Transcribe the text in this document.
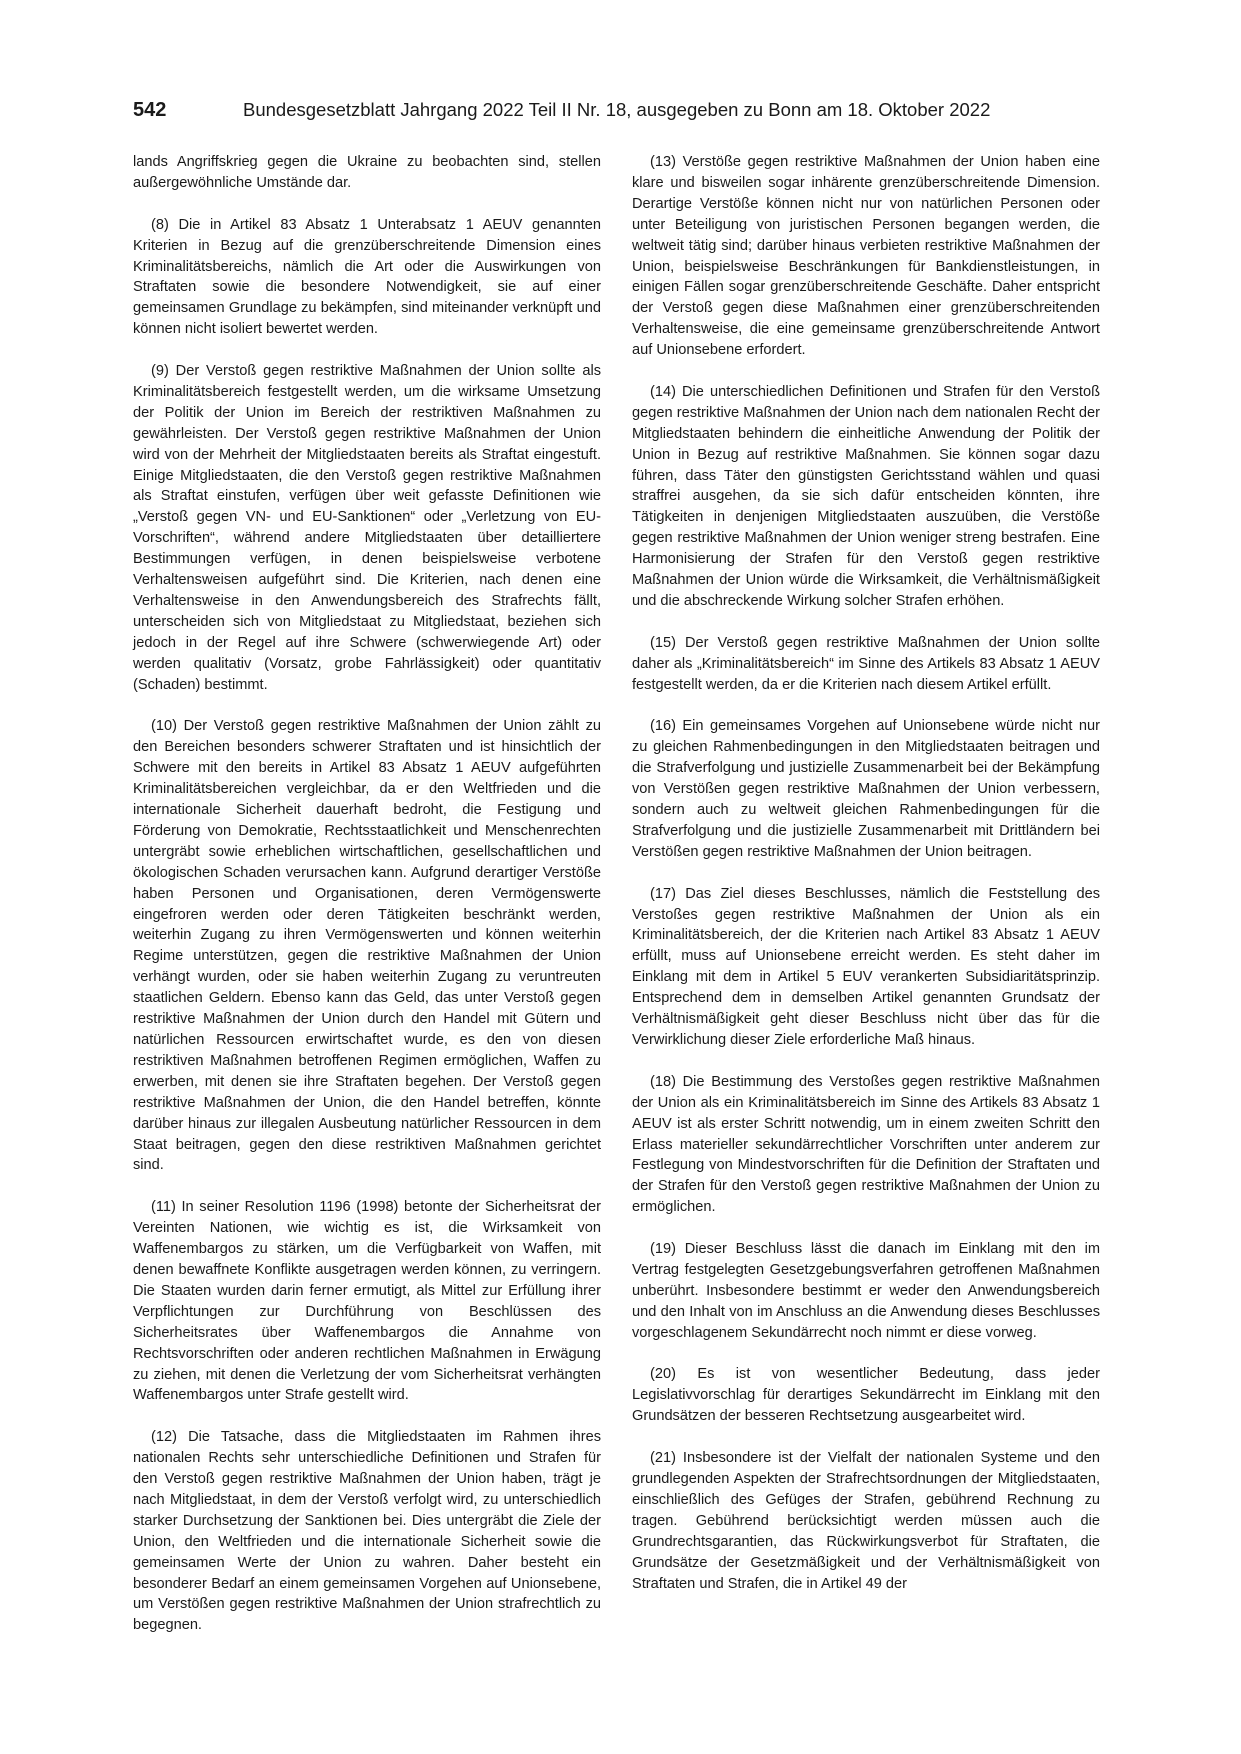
542	Bundesgesetzblatt Jahrgang 2022 Teil II Nr. 18, ausgegeben zu Bonn am 18. Oktober 2022

lands Angriffskrieg gegen die Ukraine zu beobachten sind, stellen außergewöhnliche Umstände dar.

(8) Die in Artikel 83 Absatz 1 Unterabsatz 1 AEUV genannten Kriterien in Bezug auf die grenzüberschreitende Dimension eines Kriminalitätsbereichs, nämlich die Art oder die Auswirkungen von Straftaten sowie die besondere Notwendigkeit, sie auf einer gemeinsamen Grundlage zu bekämpfen, sind miteinander verknüpft und können nicht isoliert bewertet werden.

(9) Der Verstoß gegen restriktive Maßnahmen der Union sollte als Kriminalitätsbereich festgestellt werden, um die wirksame Umsetzung der Politik der Union im Bereich der restriktiven Maßnahmen zu gewährleisten. Der Verstoß gegen restriktive Maßnahmen der Union wird von der Mehrheit der Mitgliedstaaten bereits als Straftat eingestuft. Einige Mitgliedstaaten, die den Verstoß gegen restriktive Maßnahmen als Straftat einstufen, verfügen über weit gefasste Definitionen wie „Verstoß gegen VN- und EU-Sanktionen“ oder „Verletzung von EU-Vorschriften“, während andere Mitgliedstaaten über detailliertere Bestimmungen verfügen, in denen beispielsweise verbotene Verhaltensweisen aufgeführt sind. Die Kriterien, nach denen eine Verhaltensweise in den Anwendungsbereich des Strafrechts fällt, unterscheiden sich von Mitgliedstaat zu Mitgliedstaat, beziehen sich jedoch in der Regel auf ihre Schwere (schwerwiegende Art) oder werden qualitativ (Vorsatz, grobe Fahrlässigkeit) oder quantitativ (Schaden) bestimmt.

(10) Der Verstoß gegen restriktive Maßnahmen der Union zählt zu den Bereichen besonders schwerer Straftaten und ist hinsichtlich der Schwere mit den bereits in Artikel 83 Absatz 1 AEUV aufgeführten Kriminalitätsbereichen vergleichbar, da er den Weltfrieden und die internationale Sicherheit dauerhaft bedroht, die Festigung und Förderung von Demokratie, Rechtsstaatlichkeit und Menschenrechten untergräbt sowie erheblichen wirtschaftlichen, gesellschaftlichen und ökologischen Schaden verursachen kann. Aufgrund derartiger Verstöße haben Personen und Organisationen, deren Vermögenswerte eingefroren werden oder deren Tätigkeiten beschränkt werden, weiterhin Zugang zu ihren Vermögenswerten und können weiterhin Regime unterstützen, gegen die restriktive Maßnahmen der Union verhängt wurden, oder sie haben weiterhin Zugang zu veruntreuten staatlichen Geldern. Ebenso kann das Geld, das unter Verstoß gegen restriktive Maßnahmen der Union durch den Handel mit Gütern und natürlichen Ressourcen erwirtschaftet wurde, es den von diesen restriktiven Maßnahmen betroffenen Regimen ermöglichen, Waffen zu erwerben, mit denen sie ihre Straftaten begehen. Der Verstoß gegen restriktive Maßnahmen der Union, die den Handel betreffen, könnte darüber hinaus zur illegalen Ausbeutung natürlicher Ressourcen in dem Staat beitragen, gegen den diese restriktiven Maßnahmen gerichtet sind.

(11) In seiner Resolution 1196 (1998) betonte der Sicherheitsrat der Vereinten Nationen, wie wichtig es ist, die Wirksamkeit von Waffenembargos zu stärken, um die Verfügbarkeit von Waffen, mit denen bewaffnete Konflikte ausgetragen werden können, zu verringern. Die Staaten wurden darin ferner ermutigt, als Mittel zur Erfüllung ihrer Verpflichtungen zur Durchführung von Beschlüssen des Sicherheitsrates über Waffenembargos die Annahme von Rechtsvorschriften oder anderen rechtlichen Maßnahmen in Erwägung zu ziehen, mit denen die Verletzung der vom Sicherheitsrat verhängten Waffenembargos unter Strafe gestellt wird.

(12) Die Tatsache, dass die Mitgliedstaaten im Rahmen ihres nationalen Rechts sehr unterschiedliche Definitionen und Strafen für den Verstoß gegen restriktive Maßnahmen der Union haben, trägt je nach Mitgliedstaat, in dem der Verstoß verfolgt wird, zu unterschiedlich starker Durchsetzung der Sanktionen bei. Dies untergräbt die Ziele der Union, den Weltfrieden und die internationale Sicherheit sowie die gemeinsamen Werte der Union zu wahren. Daher besteht ein besonderer Bedarf an einem gemeinsamen Vorgehen auf Unionsebene, um Verstößen gegen restriktive Maßnahmen der Union strafrechtlich zu begegnen.

(13) Verstöße gegen restriktive Maßnahmen der Union haben eine klare und bisweilen sogar inhärente grenzüberschreitende Dimension. Derartige Verstöße können nicht nur von natürlichen Personen oder unter Beteiligung von juristischen Personen begangen werden, die weltweit tätig sind; darüber hinaus verbieten restriktive Maßnahmen der Union, beispielsweise Beschränkungen für Bankdienstleistungen, in einigen Fällen sogar grenzüberschreitende Geschäfte. Daher entspricht der Verstoß gegen diese Maßnahmen einer grenzüberschreitenden Verhaltensweise, die eine gemeinsame grenzüberschreitende Antwort auf Unionsebene erfordert.

(14) Die unterschiedlichen Definitionen und Strafen für den Verstoß gegen restriktive Maßnahmen der Union nach dem nationalen Recht der Mitgliedstaaten behindern die einheitliche Anwendung der Politik der Union in Bezug auf restriktive Maßnahmen. Sie können sogar dazu führen, dass Täter den günstigsten Gerichtsstand wählen und quasi straffrei ausgehen, da sie sich dafür entscheiden könnten, ihre Tätigkeiten in denjenigen Mitgliedstaaten auszuüben, die Verstöße gegen restriktive Maßnahmen der Union weniger streng bestrafen. Eine Harmonisierung der Strafen für den Verstoß gegen restriktive Maßnahmen der Union würde die Wirksamkeit, die Verhältnismäßigkeit und die abschreckende Wirkung solcher Strafen erhöhen.

(15) Der Verstoß gegen restriktive Maßnahmen der Union sollte daher als „Kriminalitätsbereich“ im Sinne des Artikels 83 Absatz 1 AEUV festgestellt werden, da er die Kriterien nach diesem Artikel erfüllt.

(16) Ein gemeinsames Vorgehen auf Unionsebene würde nicht nur zu gleichen Rahmenbedingungen in den Mitgliedstaaten beitragen und die Strafverfolgung und justizielle Zusammenarbeit bei der Bekämpfung von Verstößen gegen restriktive Maßnahmen der Union verbessern, sondern auch zu weltweit gleichen Rahmenbedingungen für die Strafverfolgung und die justizielle Zusammenarbeit mit Drittländern bei Verstößen gegen restriktive Maßnahmen der Union beitragen.

(17) Das Ziel dieses Beschlusses, nämlich die Feststellung des Verstoßes gegen restriktive Maßnahmen der Union als ein Kriminalitätsbereich, der die Kriterien nach Artikel 83 Absatz 1 AEUV erfüllt, muss auf Unionsebene erreicht werden. Es steht daher im Einklang mit dem in Artikel 5 EUV verankerten Subsidiaritätsprinzip. Entsprechend dem in demselben Artikel genannten Grundsatz der Verhältnismäßigkeit geht dieser Beschluss nicht über das für die Verwirklichung dieser Ziele erforderliche Maß hinaus.

(18) Die Bestimmung des Verstoßes gegen restriktive Maßnahmen der Union als ein Kriminalitätsbereich im Sinne des Artikels 83 Absatz 1 AEUV ist als erster Schritt notwendig, um in einem zweiten Schritt den Erlass materieller sekundärrechtlicher Vorschriften unter anderem zur Festlegung von Mindestvorschriften für die Definition der Straftaten und der Strafen für den Verstoß gegen restriktive Maßnahmen der Union zu ermöglichen.

(19) Dieser Beschluss lässt die danach im Einklang mit den im Vertrag festgelegten Gesetzgebungsverfahren getroffenen Maßnahmen unberührt. Insbesondere bestimmt er weder den Anwendungsbereich und den Inhalt von im Anschluss an die Anwendung dieses Beschlusses vorgeschlagenem Sekundärrecht noch nimmt er diese vorweg.

(20) Es ist von wesentlicher Bedeutung, dass jeder Legislativvorschlag für derartiges Sekundärrecht im Einklang mit den Grundsätzen der besseren Rechtsetzung ausgearbeitet wird.

(21) Insbesondere ist der Vielfalt der nationalen Systeme und den grundlegenden Aspekten der Strafrechtsordnungen der Mitgliedstaaten, einschließlich des Gefüges der Strafen, gebührend Rechnung zu tragen. Gebührend berücksichtigt werden müssen auch die Grundrechtsgarantien, das Rückwirkungsverbot für Straftaten, die Grundsätze der Gesetzmäßigkeit und der Verhältnismäßigkeit von Straftaten und Strafen, die in Artikel 49 der
